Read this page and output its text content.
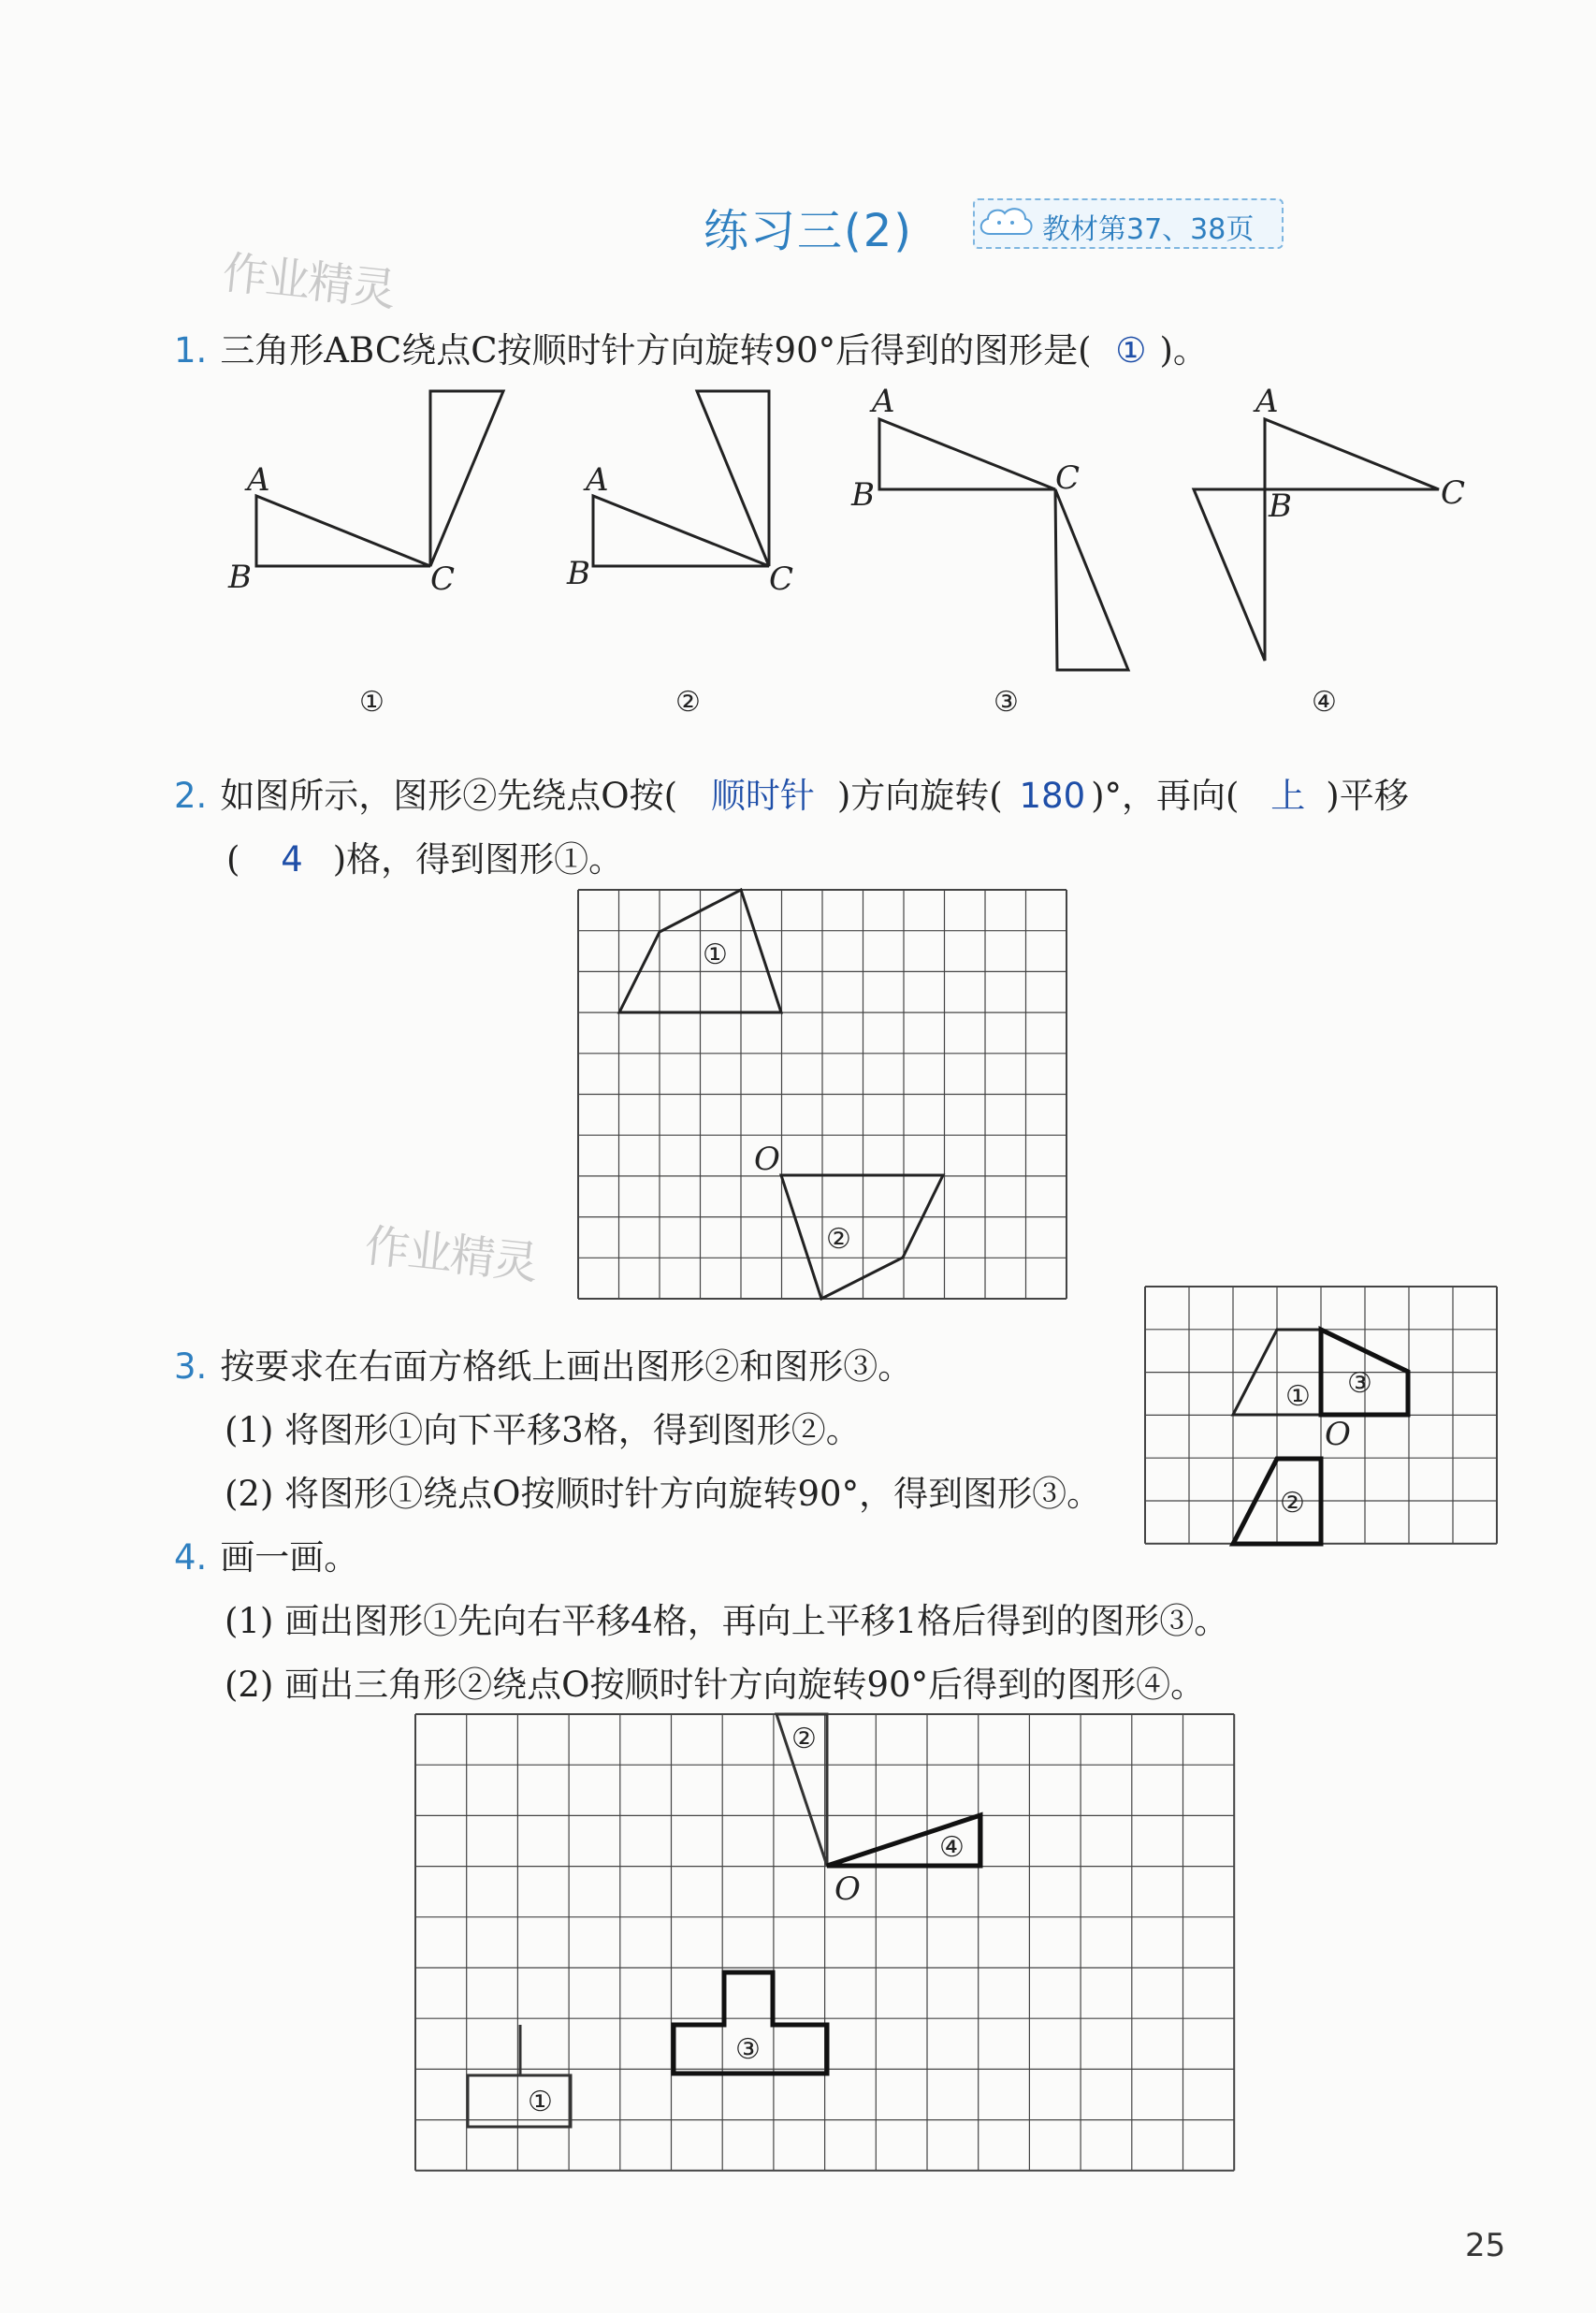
练习三(2)	教材第37、38页
作业精灵
作业精灵
1. 三角形ABC绕点C按顺时针方向旋转90°后得到的图形是( ① )。
2. 如图所示，图形②先绕点O按( 顺时针 )方向旋转( 180 )°，再向( 上 )平移
( 4 )格，得到图形①。
3. 按要求在右面方格纸上画出图形②和图形③。
(1) 将图形①向下平移3格，得到图形②。
(2) 将图形①绕点O按顺时针方向旋转90°，得到图形③。
4. 画一画。
(1) 画出图形①先向右平移4格，再向上平移1格后得到的图形③。
(2) 画出三角形②绕点O按顺时针方向旋转90°后得到的图形④。
A
B	C
A
B	C
A
B	C
A
B	C
①	②	③	④
①
②
O
①
②
③
O
①
②
③
④
O
25
